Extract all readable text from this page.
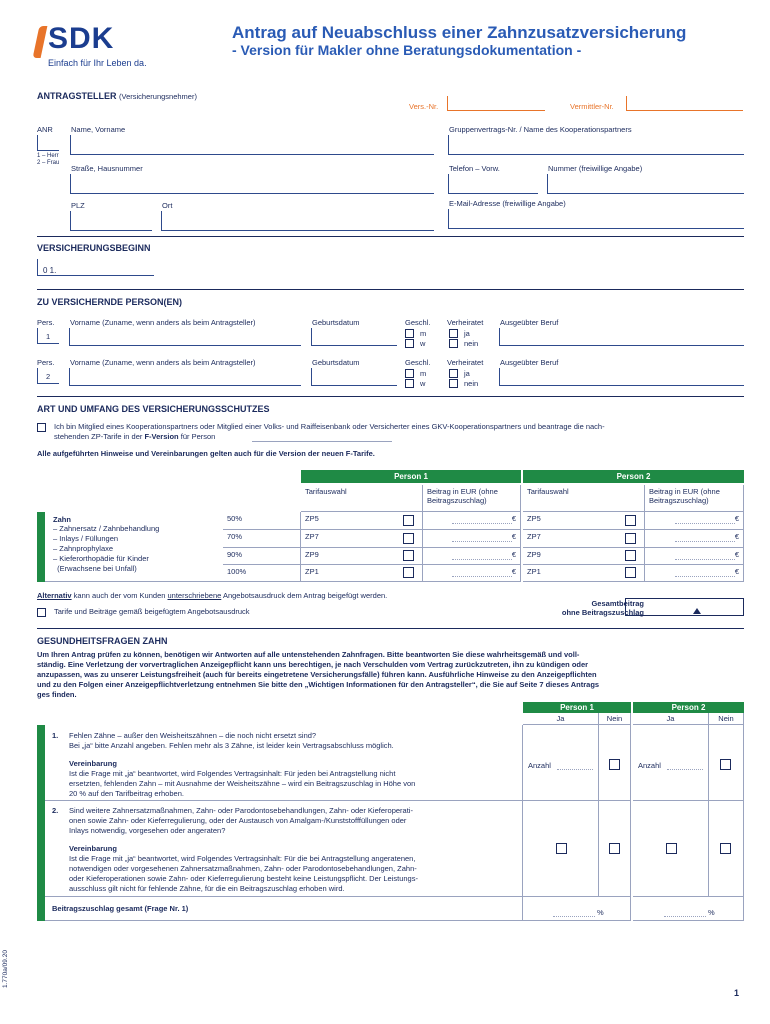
SDK
Einfach für Ihr Leben da.
Antrag auf Neuabschluss einer Zahnzusatzversicherung
- Version für Makler ohne Beratungsdokumentation -
ANTRAGSTELLER (Versicherungsnehmer)
Vers.-Nr.	Vermittler-Nr.
ANR
1 – Herr
2 – Frau
Name, Vorname	Gruppenvertrags-Nr. / Name des Kooperationspartners
Straße, Hausnummer	Telefon – Vorw.	Nummer (freiwillige Angabe)
PLZ	Ort	E-Mail-Adresse (freiwillige Angabe)
VERSICHERUNGSBEGINN
0 1.
ZU VERSICHERNDE PERSON(EN)
Pers.
1
Vorname (Zuname, wenn anders als beim Antragsteller)	Geburtsdatum	Geschl.
m
w
Verheiratet
ja
nein
Ausgeübter Beruf
Pers.
2
Vorname (Zuname, wenn anders als beim Antragsteller)	Geburtsdatum	Geschl.
m
w
Verheiratet
ja
nein
Ausgeübter Beruf
ART UND UMFANG DES VERSICHERUNGSSCHUTZES
Ich bin Mitglied eines Kooperationspartners oder Mitglied einer Volks- und Raiffeisenbank oder Versicherter eines GKV-Kooperationspartners und beantrage die nach-
stehenden ZP-Tarife in der F-Version für Person
Alle aufgeführten Hinweise und Vereinbarungen gelten auch für die Version der neuen F-Tarife.
Person 1	Person 2
Tarifauswahl	Beitrag in EUR (ohne
Beitragszuschlag)
Tarifauswahl	Beitrag in EUR (ohne
Beitragszuschlag)
Zahn
– Zahnersatz / Zahnbehandlung
– Inlays / Füllungen
– Zahnprophylaxe
– Kieferorthopädie für Kinder
(Erwachsene bei Unfall)
50%	ZP5	€	ZP5	€
70%	ZP7	€	ZP7	€
90%	ZP9	€	ZP9	€
100%	ZP1	€	ZP1	€
Alternativ kann auch der vom Kunden unterschriebene Angebotsausdruck dem Antrag beigefügt werden.
Tarife und Beiträge gemäß beigefügtem Angebotsausdruck
Gesamtbeitrag
ohne Beitragszuschlag
GESUNDHEITSFRAGEN ZAHN
Um Ihren Antrag prüfen zu können, benötigen wir Antworten auf alle untenstehenden Zahnfragen. Bitte beantworten Sie diese wahrheitsgemäß und voll-
ständig. Eine Verletzung der vorvertraglichen Anzeigepflicht kann uns berechtigen, je nach Verschulden vom Vertrag zurückzutreten, ihn zu kündigen oder
anzupassen, was zu unserer Leistungsfreiheit (auch für bereits eingetretene Versicherungsfälle) führen kann. Ausführliche Hinweise zu den Anzeigepflichten
und zu den Folgen einer Anzeigepflichtverletzung entnehmen Sie bitte den „Wichtigen Informationen für den Antragsteller“, die Sie auf Seite 7 dieses Antrags
ges finden.
Person 1	Person 2
Ja	Nein	Ja	Nein
1. Fehlen Zähne – außer den Weisheitszähnen – die noch nicht ersetzt sind?
Bei „ja“ bitte Anzahl angeben. Fehlen mehr als 3 Zähne, ist leider kein Vertragsabschluss möglich.
Vereinbarung
Ist die Frage mit „ja“ beantwortet, wird Folgendes Vertragsinhalt: Für jeden bei Antragstellung nicht
ersetzten, fehlenden Zahn – mit Ausnahme der Weisheitszähne – wird ein Beitragszuschlag in Höhe von
20 % auf den Tarifbeitrag erhoben.
Anzahl	Anzahl
2. Sind weitere Zahnersatzmaßnahmen, Zahn- oder Parodontosebehandlungen, Zahn- oder Kieferoperati-
onen sowie Zahn- oder Kieferregulierung, oder der Austausch von Amalgam-/Kunststofffüllungen oder
Inlays notwendig, vorgesehen oder angeraten?
Vereinbarung
Ist die Frage mit „ja“ beantwortet, wird Folgendes Vertragsinhalt: Für die bei Antragstellung angeratenen,
notwendigen oder vorgesehenen Zahnersatzmaßnahmen, Zahn- oder Parodontosebehandlungen, Zahn-
oder Kieferoperationen sowie Zahn- oder Kieferregulierung besteht keine Leistungspflicht. Der Leistungs-
ausschluss gilt nicht für fehlende Zähne, für die ein Beitragszuschlag erhoben wird.
Beitragszuschlag gesamt (Frage Nr. 1)	%	%
1.770a/09.20
1
